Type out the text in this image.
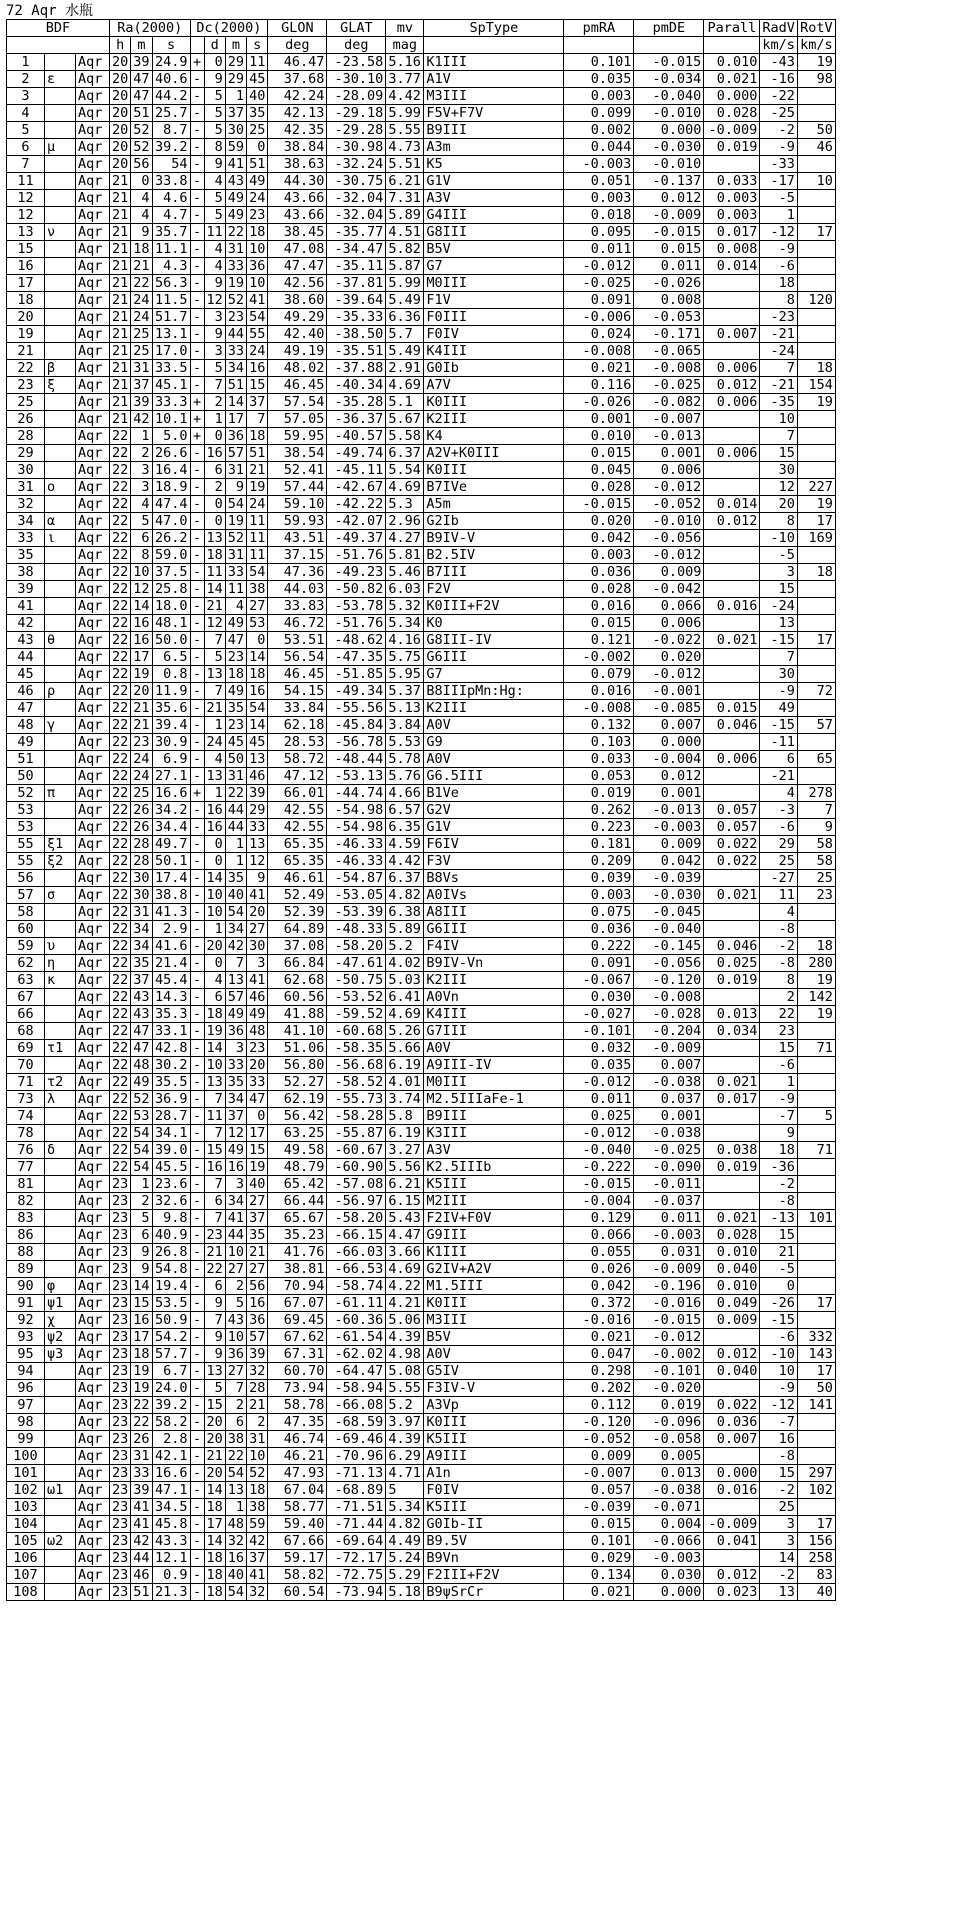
72 Aqr 水瓶
BDF			Ra(2000)			Dc(2000)				GLON	GLAT	mv	SpType	pmRA	pmDE	Parall	RadV	RotV
			h	m	s		d	m	s	deg	deg	mag					km/s	km/s
1		Aqr	20	39	24.9	+	0	29	11	46.47	-23.58	5.16	K1III	0.101	-0.015	0.010	-43	19
2	ε	Aqr	20	47	40.6	-	9	29	45	37.68	-30.10	3.77	A1V	0.035	-0.034	0.021	-16	98
3		Aqr	20	47	44.2	-	5	1	40	42.24	-28.09	4.42	M3III	0.003	-0.040	0.000	-22	
4		Aqr	20	51	25.7	-	5	37	35	42.13	-29.18	5.99	F5V+F7V	0.099	-0.010	0.028	-25	
5		Aqr	20	52	8.7	-	5	30	25	42.35	-29.28	5.55	B9III	0.002	0.000	-0.009	-2	50
6	μ	Aqr	20	52	39.2	-	8	59	0	38.84	-30.98	4.73	A3m	0.044	-0.030	0.019	-9	46
7		Aqr	20	56	54	-	9	41	51	38.63	-32.24	5.51	K5	-0.003	-0.010		-33	
11		Aqr	21	0	33.8	-	4	43	49	44.30	-30.75	6.21	G1V	0.051	-0.137	0.033	-17	10
12		Aqr	21	4	4.6	-	5	49	24	43.66	-32.04	7.31	A3V	0.003	0.012	0.003	-5	
12		Aqr	21	4	4.7	-	5	49	23	43.66	-32.04	5.89	G4III	0.018	-0.009	0.003	1	
13	ν	Aqr	21	9	35.7	-	11	22	18	38.45	-35.77	4.51	G8III	0.095	-0.015	0.017	-12	17
15		Aqr	21	18	11.1	-	4	31	10	47.08	-34.47	5.82	B5V	0.011	0.015	0.008	-9	
16		Aqr	21	21	4.3	-	4	33	36	47.47	-35.11	5.87	G7	-0.012	0.011	0.014	-6	
17		Aqr	21	22	56.3	-	9	19	10	42.56	-37.81	5.99	M0III	-0.025	-0.026		18	
18		Aqr	21	24	11.5	-	12	52	41	38.60	-39.64	5.49	F1V	0.091	0.008		8	120
20		Aqr	21	24	51.7	-	3	23	54	49.29	-35.33	6.36	F0III	-0.006	-0.053		-23	
19		Aqr	21	25	13.1	-	9	44	55	42.40	-38.50	5.7	F0IV	0.024	-0.171	0.007	-21	
21		Aqr	21	25	17.0	-	3	33	24	49.19	-35.51	5.49	K4III	-0.008	-0.065		-24	
22	β	Aqr	21	31	33.5	-	5	34	16	48.02	-37.88	2.91	G0Ib	0.021	-0.008	0.006	7	18
23	ξ	Aqr	21	37	45.1	-	7	51	15	46.45	-40.34	4.69	A7V	0.116	-0.025	0.012	-21	154
25		Aqr	21	39	33.3	+	2	14	37	57.54	-35.28	5.1	K0III	-0.026	-0.082	0.006	-35	19
26		Aqr	21	42	10.1	+	1	17	7	57.05	-36.37	5.67	K2III	0.001	-0.007		10	
28		Aqr	22	1	5.0	+	0	36	18	59.95	-40.57	5.58	K4	0.010	-0.013		7	
29		Aqr	22	2	26.6	-	16	57	51	38.54	-49.74	6.37	A2V+K0III	0.015	0.001	0.006	15	
30		Aqr	22	3	16.4	-	6	31	21	52.41	-45.11	5.54	K0III	0.045	0.006		30	
31	ο	Aqr	22	3	18.9	-	2	9	19	57.44	-42.67	4.69	B7IVe	0.028	-0.012		12	227
32		Aqr	22	4	47.4	-	0	54	24	59.10	-42.22	5.3	A5m	-0.015	-0.052	0.014	20	19
34	α	Aqr	22	5	47.0	-	0	19	11	59.93	-42.07	2.96	G2Ib	0.020	-0.010	0.012	8	17
33	ι	Aqr	22	6	26.2	-	13	52	11	43.51	-49.37	4.27	B9IV-V	0.042	-0.056		-10	169
35		Aqr	22	8	59.0	-	18	31	11	37.15	-51.76	5.81	B2.5IV	0.003	-0.012		-5	
38		Aqr	22	10	37.5	-	11	33	54	47.36	-49.23	5.46	B7III	0.036	0.009		3	18
39		Aqr	22	12	25.8	-	14	11	38	44.03	-50.82	6.03	F2V	0.028	-0.042		15	
41		Aqr	22	14	18.0	-	21	4	27	33.83	-53.78	5.32	K0III+F2V	0.016	0.066	0.016	-24	
42		Aqr	22	16	48.1	-	12	49	53	46.72	-51.76	5.34	K0	0.015	0.006		13	
43	θ	Aqr	22	16	50.0	-	7	47	0	53.51	-48.62	4.16	G8III-IV	0.121	-0.022	0.021	-15	17
44		Aqr	22	17	6.5	-	5	23	14	56.54	-47.35	5.75	G6III	-0.002	0.020		7	
45		Aqr	22	19	0.8	-	13	18	18	46.45	-51.85	5.95	G7	0.079	-0.012		30	
46	ρ	Aqr	22	20	11.9	-	7	49	16	54.15	-49.34	5.37	B8IIIpMn:Hg:	0.016	-0.001		-9	72
47		Aqr	22	21	35.6	-	21	35	54	33.84	-55.56	5.13	K2III	-0.008	-0.085	0.015	49	
48	γ	Aqr	22	21	39.4	-	1	23	14	62.18	-45.84	3.84	A0V	0.132	0.007	0.046	-15	57
49		Aqr	22	23	30.9	-	24	45	45	28.53	-56.78	5.53	G9	0.103	0.000		-11	
51		Aqr	22	24	6.9	-	4	50	13	58.72	-48.44	5.78	A0V	0.033	-0.004	0.006	6	65
50		Aqr	22	24	27.1	-	13	31	46	47.12	-53.13	5.76	G6.5III	0.053	0.012		-21	
52	π	Aqr	22	25	16.6	+	1	22	39	66.01	-44.74	4.66	B1Ve	0.019	0.001		4	278
53		Aqr	22	26	34.2	-	16	44	29	42.55	-54.98	6.57	G2V	0.262	-0.013	0.057	-3	7
53		Aqr	22	26	34.4	-	16	44	33	42.55	-54.98	6.35	G1V	0.223	-0.003	0.057	-6	9
55	ξ1	Aqr	22	28	49.7	-	0	1	13	65.35	-46.33	4.59	F6IV	0.181	0.009	0.022	29	58
55	ξ2	Aqr	22	28	50.1	-	0	1	12	65.35	-46.33	4.42	F3V	0.209	0.042	0.022	25	58
56		Aqr	22	30	17.4	-	14	35	9	46.61	-54.87	6.37	B8Vs	0.039	-0.039		-27	25
57	σ	Aqr	22	30	38.8	-	10	40	41	52.49	-53.05	4.82	A0IVs	0.003	-0.030	0.021	11	23
58		Aqr	22	31	41.3	-	10	54	20	52.39	-53.39	6.38	A8III	0.075	-0.045		4	
60		Aqr	22	34	2.9	-	1	34	27	64.89	-48.33	5.89	G6III	0.036	-0.040		-8	
59	υ	Aqr	22	34	41.6	-	20	42	30	37.08	-58.20	5.2	F4IV	0.222	-0.145	0.046	-2	18
62	η	Aqr	22	35	21.4	-	0	7	3	66.84	-47.61	4.02	B9IV-Vn	0.091	-0.056	0.025	-8	280
63	κ	Aqr	22	37	45.4	-	4	13	41	62.68	-50.75	5.03	K2III	-0.067	-0.120	0.019	8	19
67		Aqr	22	43	14.3	-	6	57	46	60.56	-53.52	6.41	A0Vn	0.030	-0.008		2	142
66		Aqr	22	43	35.3	-	18	49	49	41.88	-59.52	4.69	K4III	-0.027	-0.028	0.013	22	19
68		Aqr	22	47	33.1	-	19	36	48	41.10	-60.68	5.26	G7III	-0.101	-0.204	0.034	23	
69	τ1	Aqr	22	47	42.8	-	14	3	23	51.06	-58.35	5.66	A0V	0.032	-0.009		15	71
70		Aqr	22	48	30.2	-	10	33	20	56.80	-56.68	6.19	A9III-IV	0.035	0.007		-6	
71	τ2	Aqr	22	49	35.5	-	13	35	33	52.27	-58.52	4.01	M0III	-0.012	-0.038	0.021	1	
73	λ	Aqr	22	52	36.9	-	7	34	47	62.19	-55.73	3.74	M2.5IIIaFe-1	0.011	0.037	0.017	-9	
74		Aqr	22	53	28.7	-	11	37	0	56.42	-58.28	5.8	B9III	0.025	0.001		-7	5
78		Aqr	22	54	34.1	-	7	12	17	63.25	-55.87	6.19	K3III	-0.012	-0.038		9	
76	δ	Aqr	22	54	39.0	-	15	49	15	49.58	-60.67	3.27	A3V	-0.040	-0.025	0.038	18	71
77		Aqr	22	54	45.5	-	16	16	19	48.79	-60.90	5.56	K2.5IIIb	-0.222	-0.090	0.019	-36	
81		Aqr	23	1	23.6	-	7	3	40	65.42	-57.08	6.21	K5III	-0.015	-0.011		-2	
82		Aqr	23	2	32.6	-	6	34	27	66.44	-56.97	6.15	M2III	-0.004	-0.037		-8	
83		Aqr	23	5	9.8	-	7	41	37	65.67	-58.20	5.43	F2IV+F0V	0.129	0.011	0.021	-13	101
86		Aqr	23	6	40.9	-	23	44	35	35.23	-66.15	4.47	G9III	0.066	-0.003	0.028	15	
88		Aqr	23	9	26.8	-	21	10	21	41.76	-66.03	3.66	K1III	0.055	0.031	0.010	21	
89		Aqr	23	9	54.8	-	22	27	27	38.81	-66.53	4.69	G2IV+A2V	0.026	-0.009	0.040	-5	
90	φ	Aqr	23	14	19.4	-	6	2	56	70.94	-58.74	4.22	M1.5III	0.042	-0.196	0.010	0	
91	ψ1	Aqr	23	15	53.5	-	9	5	16	67.07	-61.11	4.21	K0III	0.372	-0.016	0.049	-26	17
92	χ	Aqr	23	16	50.9	-	7	43	36	69.45	-60.36	5.06	M3III	-0.016	-0.015	0.009	-15	
93	ψ2	Aqr	23	17	54.2	-	9	10	57	67.62	-61.54	4.39	B5V	0.021	-0.012		-6	332
95	ψ3	Aqr	23	18	57.7	-	9	36	39	67.31	-62.02	4.98	A0V	0.047	-0.002	0.012	-10	143
94		Aqr	23	19	6.7	-	13	27	32	60.70	-64.47	5.08	G5IV	0.298	-0.101	0.040	10	17
96		Aqr	23	19	24.0	-	5	7	28	73.94	-58.94	5.55	F3IV-V	0.202	-0.020		-9	50
97		Aqr	23	22	39.2	-	15	2	21	58.78	-66.08	5.2	A3Vp	0.112	0.019	0.022	-12	141
98		Aqr	23	22	58.2	-	20	6	2	47.35	-68.59	3.97	K0III	-0.120	-0.096	0.036	-7	
99		Aqr	23	26	2.8	-	20	38	31	46.74	-69.46	4.39	K5III	-0.052	-0.058	0.007	16	
100		Aqr	23	31	42.1	-	21	22	10	46.21	-70.96	6.29	A9III	0.009	0.005		-8	
101		Aqr	23	33	16.6	-	20	54	52	47.93	-71.13	4.71	A1n	-0.007	0.013	0.000	15	297
102	ω1	Aqr	23	39	47.1	-	14	13	18	67.04	-68.89	5	F0IV	0.057	-0.038	0.016	-2	102
103		Aqr	23	41	34.5	-	18	1	38	58.77	-71.51	5.34	K5III	-0.039	-0.071		25	
104		Aqr	23	41	45.8	-	17	48	59	59.40	-71.44	4.82	G0Ib-II	0.015	0.004	-0.009	3	17
105	ω2	Aqr	23	42	43.3	-	14	32	42	67.66	-69.64	4.49	B9.5V	0.101	-0.066	0.041	3	156
106		Aqr	23	44	12.1	-	18	16	37	59.17	-72.17	5.24	B9Vn	0.029	-0.003		14	258
107		Aqr	23	46	0.9	-	18	40	41	58.82	-72.75	5.29	F2III+F2V	0.134	0.030	0.012	-2	83
108		Aqr	23	51	21.3	-	18	54	32	60.54	-73.94	5.18	B9ψSrCr	0.021	0.000	0.023	13	40
